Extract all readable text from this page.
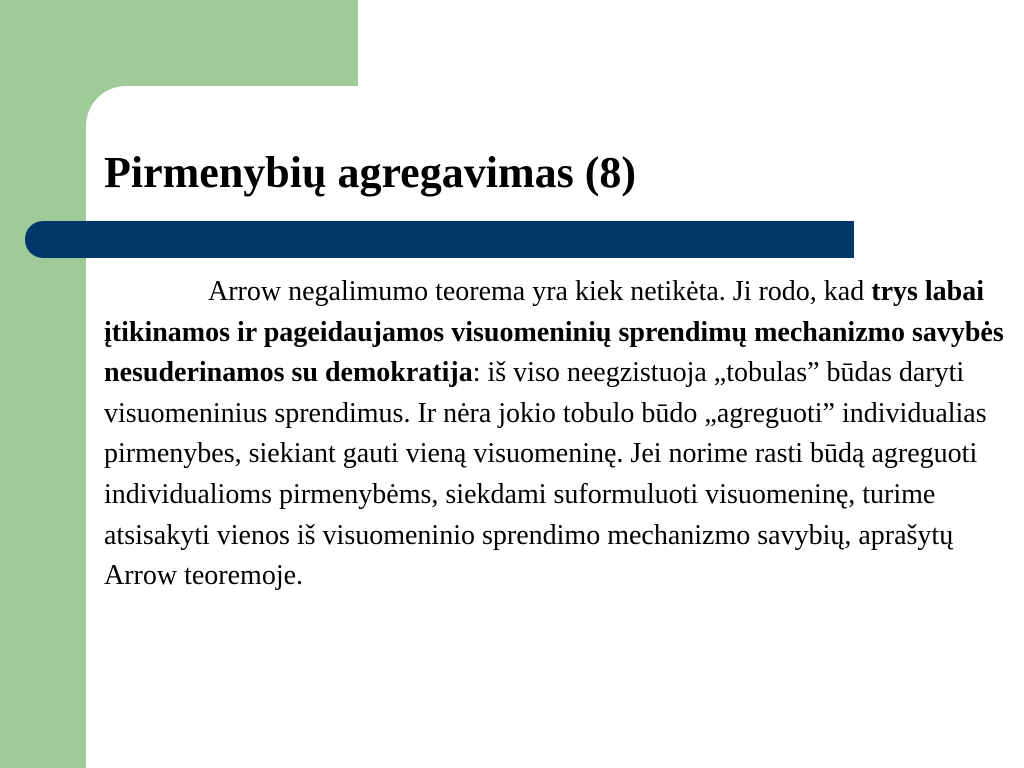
Pirmenybių agregavimas (8)

Arrow negalimumo teorema yra kiek netikėta. Ji rodo, kad trys labai įtikinamos ir pageidaujamos visuomeninių sprendimų mechanizmo savybės nesuderinamos su demokratija: iš viso neegzistuoja „tobulas” būdas daryti visuomeninius sprendimus. Ir nėra jokio tobulo būdo „agreguoti” individualias pirmenybes, siekiant gauti vieną visuomeninę. Jei norime rasti būdą agreguoti individualioms pirmenybėms, siekdami suformuluoti visuomeninę, turime atsisakyti vienos iš visuomeninio sprendimo mechanizmo savybių, aprašytų Arrow teoremoje.
